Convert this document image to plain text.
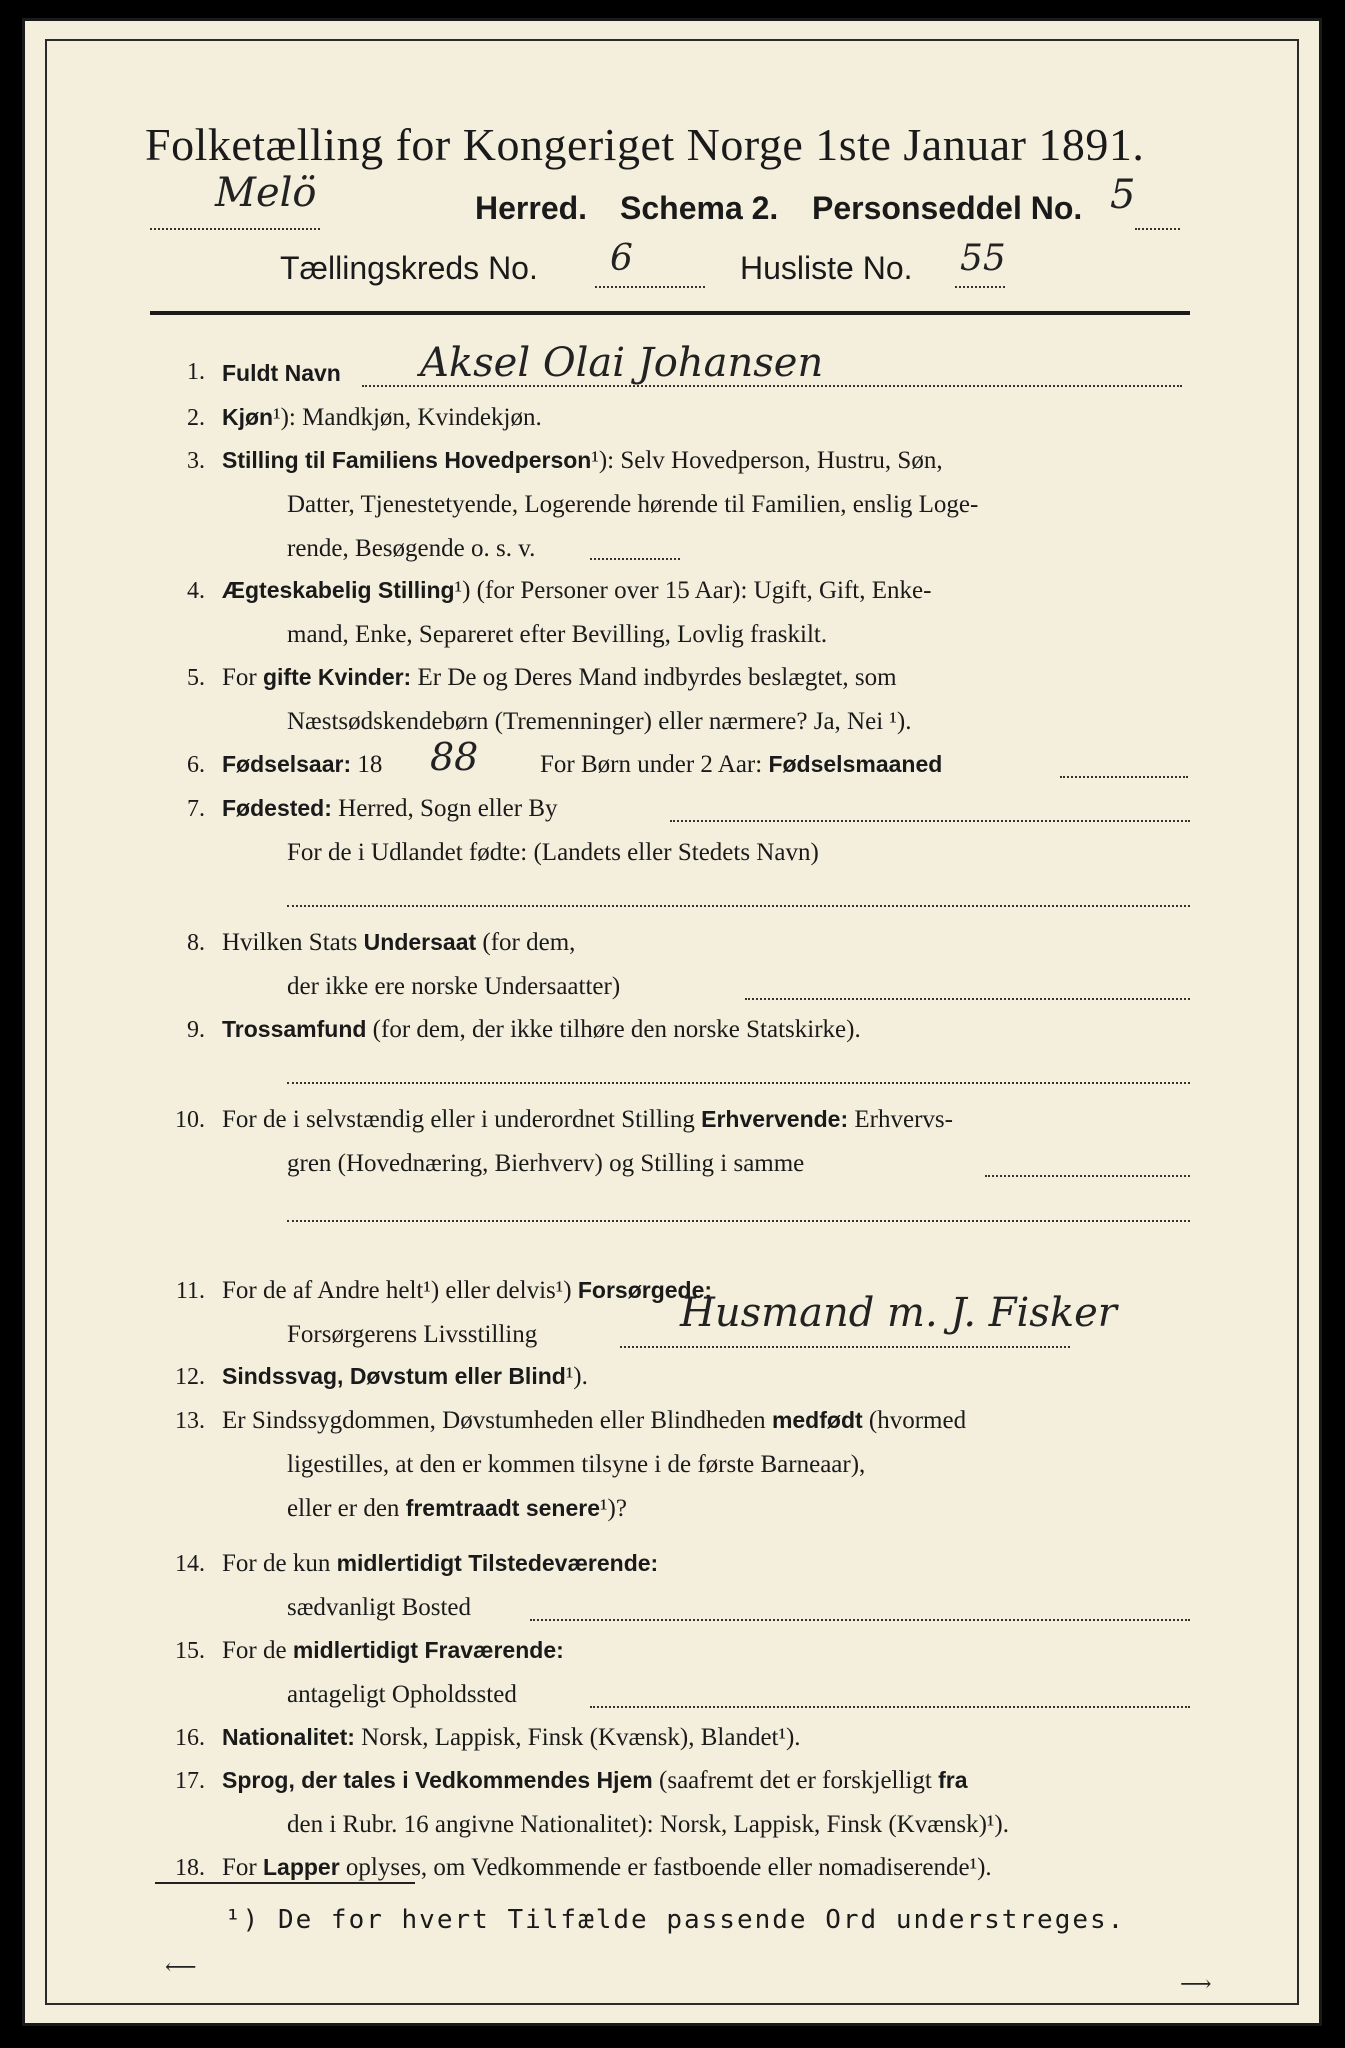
Folketælling for Kongeriget Norge 1ste Januar 1891.
Melö	Herred. Schema 2. Personseddel No. 5
Tællingskreds No. 6	Husliste No. 55
1. Fuldt Navn Aksel Olai Johansen
2. Kjøn¹): Mandkjøn, Kvindekjøn.
3. Stilling til Familiens Hovedperson¹): Selv Hovedperson, Hustru, Søn,
Datter, Tjenestetyende, Logerende hørende til Familien, enslig Loge-
rende, Besøgende o. s. v.
4. Ægteskabelig Stilling¹) (for Personer over 15 Aar): Ugift, Gift, Enke-
mand, Enke, Separeret efter Bevilling, Lovlig fraskilt.
5. For gifte Kvinder: Er De og Deres Mand indbyrdes beslægtet, som
Næstsødskendebørn (Tremenninger) eller nærmere? Ja, Nei ¹).
6. Fødselsaar: 18 88 For Børn under 2 Aar: Fødselsmaaned
7. Fødested: Herred, Sogn eller By
For de i Udlandet fødte: (Landets eller Stedets Navn)
8. Hvilken Stats Undersaat (for dem,
der ikke ere norske Undersaatter)
9. Trossamfund (for dem, der ikke tilhøre den norske Statskirke).
10. For de i selvstændig eller i underordnet Stilling Erhvervende: Erhvervs-
gren (Hovednæring, Bierhverv) og Stilling i samme
11. For de af Andre helt¹) eller delvis¹) Forsørgede:
Forsørgerens Livsstilling	Husmand m. J. Fisker
12. Sindssvag, Døvstum eller Blind¹).
13. Er Sindssygdommen, Døvstumheden eller Blindheden medfødt (hvormed
ligestilles, at den er kommen tilsyne i de første Barneaar),
eller er den fremtraadt senere¹)?
14. For de kun midlertidigt Tilstedeværende:
sædvanligt Bosted
15. For de midlertidigt Fraværende:
antageligt Opholdssted
16. Nationalitet: Norsk, Lappisk, Finsk (Kvænsk), Blandet¹).
17. Sprog, der tales i Vedkommendes Hjem (saafremt det er forskjelligt fra
den i Rubr. 16 angivne Nationalitet): Norsk, Lappisk, Finsk (Kvænsk)¹).
18. For Lapper oplyses, om Vedkommende er fastboende eller nomadiserende¹).
¹) De for hvert Tilfælde passende Ord understreges.
⟵
⟶
